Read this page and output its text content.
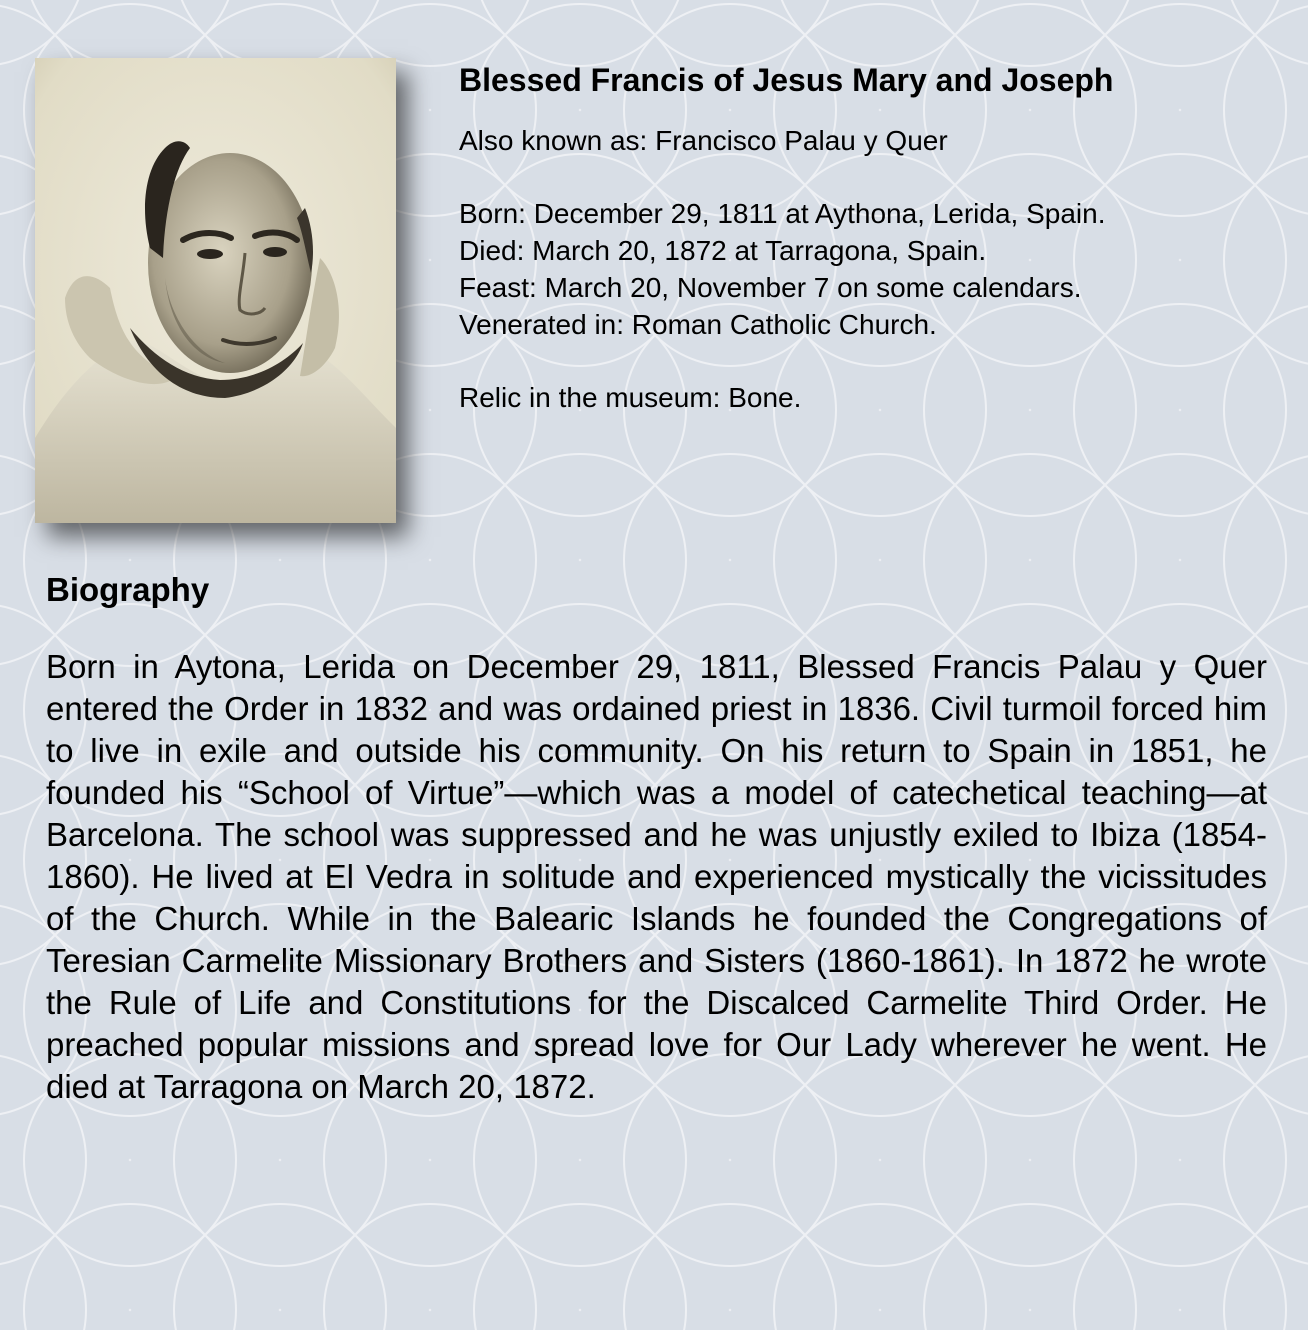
Blessed Francis of Jesus Mary and Joseph

Also known as: Francisco Palau y Quer

Born: December 29, 1811 at Aythona, Lerida, Spain.

Died: March 20, 1872 at Tarragona, Spain.

Feast: March 20, November 7 on some calendars.

Venerated in: Roman Catholic Church.

Relic in the museum: Bone.

Biography

Born in Aytona, Lerida on December 29, 1811, Blessed Francis Palau y Quer entered the Order in 1832 and was ordained priest in 1836. Civil turmoil forced him to live in exile and outside his community. On his return to Spain in 1851, he founded his “School of Virtue”—which was a model of catechetical teaching—at Barcelona. The school was suppressed and he was unjustly exiled to Ibiza (1854-1860). He lived at El Vedra in solitude and experienced mystically the vicissitudes of the Church. While in the Balearic Islands he founded the Congregations of Teresian Carmelite Missionary Brothers and Sisters (1860-1861). In 1872 he wrote the Rule of Life and Constitutions for the Discalced Carmelite Third Order. He preached popular missions and spread love for Our Lady wherever he went. He died at Tarragona on March 20, 1872.
